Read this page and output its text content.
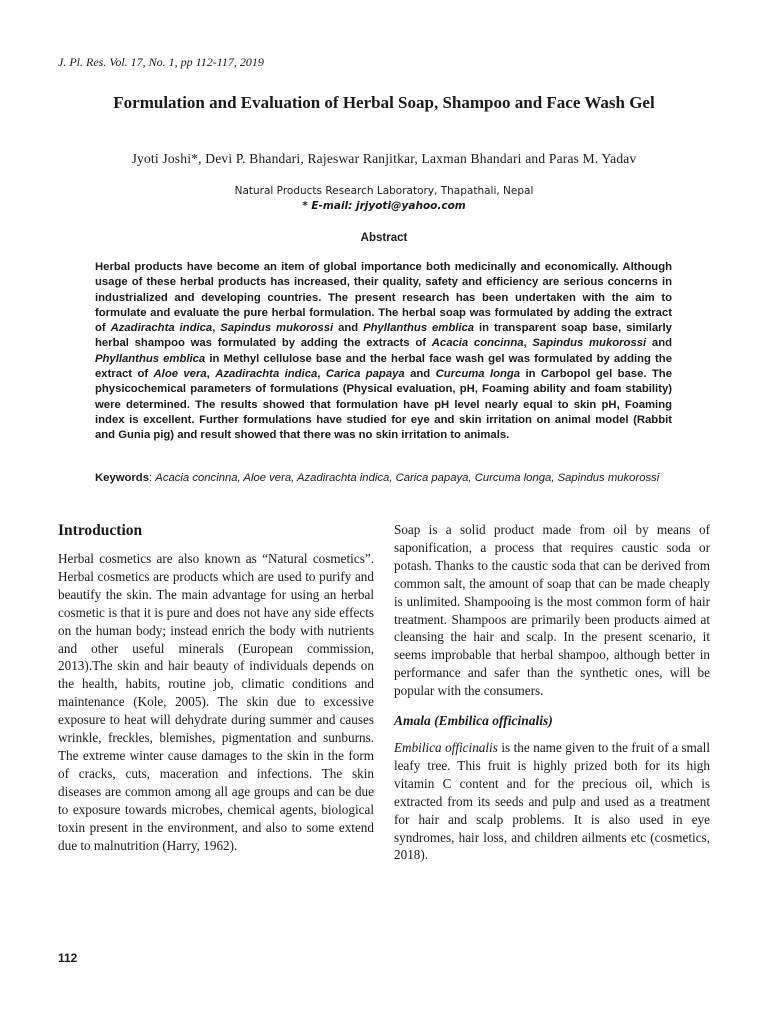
J. Pl. Res. Vol. 17, No. 1, pp 112-117, 2019
Formulation and Evaluation of Herbal Soap, Shampoo and Face Wash Gel
Jyoti Joshi*, Devi P. Bhandari, Rajeswar Ranjitkar, Laxman Bhandari and Paras M. Yadav
Natural Products Research Laboratory, Thapathali, Nepal
* E-mail: jrjyoti@yahoo.com
Abstract

Herbal products have become an item of global importance both medicinally and economically. Although usage of these herbal products has increased, their quality, safety and efficiency are serious concerns in industrialized and developing countries. The present research has been undertaken with the aim to formulate and evaluate the pure herbal formulation. The herbal soap was formulated by adding the extract of Azadirachta indica, Sapindus mukorossi and Phyllanthus emblica in transparent soap base, similarly herbal shampoo was formulated by adding the extracts of Acacia concinna, Sapindus mukorossi and Phyllanthus emblica in Methyl cellulose base and the herbal face wash gel was formulated by adding the extract of Aloe vera, Azadirachta indica, Carica papaya and Curcuma longa in Carbopol gel base. The physicochemical parameters of formulations (Physical evaluation, pH, Foaming ability and foam stability) were determined. The results showed that formulation have pH level nearly equal to skin pH, Foaming index is excellent. Further formulations have studied for eye and skin irritation on animal model (Rabbit and Gunia pig) and result showed that there was no skin irritation to animals.

Keywords: Acacia concinna, Aloe vera, Azadirachta indica, Carica papaya, Curcuma longa, Sapindus mukorossi

Introduction

Herbal cosmetics are also known as “Natural cosmetics”. Herbal cosmetics are products which are used to purify and beautify the skin. The main advantage for using an herbal cosmetic is that it is pure and does not have any side effects on the human body; instead enrich the body with nutrients and other useful minerals (European commission, 2013).The skin and hair beauty of individuals depends on the health, habits, routine job, climatic conditions and maintenance (Kole, 2005). The skin due to excessive exposure to heat will dehydrate during summer and causes wrinkle, freckles, blemishes, pigmentation and sunburns. The extreme winter cause damages to the skin in the form of cracks, cuts, maceration and infections. The skin diseases are common among all age groups and can be due to exposure towards microbes, chemical agents, biological toxin present in the environment, and also to some extend due to malnutrition (Harry, 1962).

Soap is a solid product made from oil by means of saponification, a process that requires caustic soda or potash. Thanks to the caustic soda that can be derived from common salt, the amount of soap that can be made cheaply is unlimited. Shampooing is the most common form of hair treatment. Shampoos are primarily been products aimed at cleansing the hair and scalp. In the present scenario, it seems improbable that herbal shampoo, although better in performance and safer than the synthetic ones, will be popular with the consumers.

Amala (Embilica officinalis)

Embilica officinalis is the name given to the fruit of a small leafy tree. This fruit is highly prized both for its high vitamin C content and for the precious oil, which is extracted from its seeds and pulp and used as a treatment for hair and scalp problems. It is also used in eye syndromes, hair loss, and children ailments etc (cosmetics, 2018).

112
